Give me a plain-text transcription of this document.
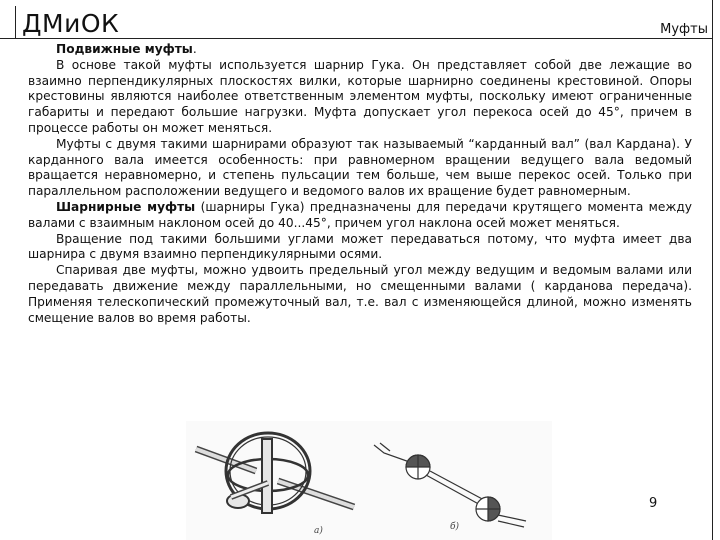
ДМиОК	Муфты

Подвижные муфты.

В основе такой муфты используется шарнир Гука. Он представляет собой две лежащие во взаимно перпендикулярных плоскостях вилки, которые шарнирно соединены крестовиной. Опоры крестовины являются наиболее ответственным элементом муфты, поскольку имеют ограниченные габариты и передают большие нагрузки. Муфта допускает угол перекоса осей до 45°, причем в процессе работы он может меняться.

Муфты с двумя такими шарнирами образуют так называемый “карданный вал” (вал Кардана). У карданного вала имеется особенность: при равномерном вращении ведущего вала ведомый вращается неравномерно, и степень пульсации тем больше, чем выше перекос осей. Только при параллельном расположении ведущего и ведомого валов их вращение будет равномерным.

Шарнирные муфты (шарниры Гука) предназначены для передачи крутящего момента между валами с взаимным наклоном осей до 40...45°, причем угол наклона осей может меняться.

Вращение под такими большими углами может передаваться потому, что муфта имеет два шарнира с двумя взаимно перпендикулярными осями.

Спаривая две муфты, можно удвоить предельный угол между ведущим и ведомым валами или передавать движение между параллельными, но смещенными валами ( карданова передача). Применяя телескопический промежуточный вал, т.е. вал с изменяющейся длиной, можно изменять смещение валов во время работы.

а)	б)
9
